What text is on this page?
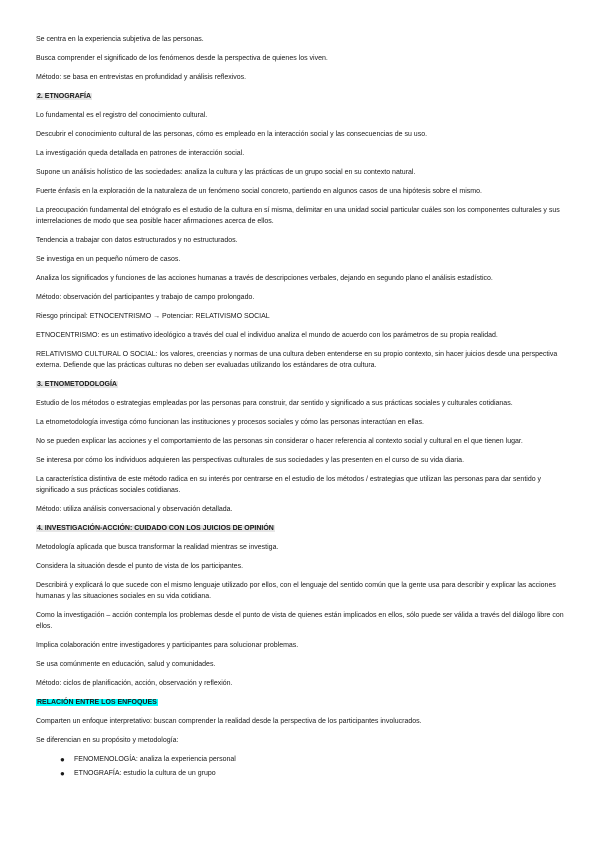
Se centra en la experiencia subjetiva de las personas.

Busca comprender el significado de los fenómenos desde la perspectiva de quienes los viven.

Método: se basa en entrevistas en profundidad y análisis reflexivos.

2. ETNOGRAFÍA

Lo fundamental es el registro del conocimiento cultural.

Descubrir el conocimiento cultural de las personas, cómo es empleado en la interacción social y las consecuencias de su uso.

La investigación queda detallada en patrones de interacción social.

Supone un análisis holístico de las sociedades: analiza la cultura y las prácticas de un grupo social en su contexto natural.

Fuerte énfasis en la exploración de la naturaleza de un fenómeno social concreto, partiendo en algunos casos de una hipótesis sobre el mismo.

La preocupación fundamental del etnógrafo es el estudio de la cultura en sí misma, delimitar en una unidad social particular cuáles son los componentes culturales y sus interrelaciones de modo que sea posible hacer afirmaciones acerca de ellos.

Tendencia a trabajar con datos estructurados y no estructurados.

Se investiga en un pequeño número de casos.

Analiza los significados y funciones de las acciones humanas a través de descripciones verbales, dejando en segundo plano el análisis estadístico.

Método: observación del participantes y trabajo de campo prolongado.

Riesgo principal: ETNOCENTRISMO → Potenciar: RELATIVISMO SOCIAL

ETNOCENTRISMO: es un estimativo ideológico a través del cual el individuo analiza el mundo de acuerdo con los parámetros de su propia realidad.

RELATIVISMO CULTURAL O SOCIAL: los valores, creencias y normas de una cultura deben entenderse en su propio contexto, sin hacer juicios desde una perspectiva externa. Defiende que las prácticas culturas no deben ser evaluadas utilizando los estándares de otra cultura.

3. ETNOMETODOLOGÍA

Estudio de los métodos o estrategias empleadas por las personas para construir, dar sentido y significado a sus prácticas sociales y culturales cotidianas.

La etnometodología investiga cómo funcionan las instituciones y procesos sociales y cómo las personas interactúan en ellas.

No se pueden explicar las acciones y el comportamiento de las personas sin considerar o hacer referencia al contexto social y cultural en el que tienen lugar.

Se interesa por cómo los individuos adquieren las perspectivas culturales de sus sociedades y las presenten en el curso de su vida diaria.

La característica distintiva de este método radica en su interés por centrarse en el estudio de los métodos / estrategias que utilizan las personas para dar sentido y significado a sus prácticas sociales cotidianas.

Método: utiliza análisis conversacional y observación detallada.

4. INVESTIGACIÓN-ACCIÓN: CUIDADO CON LOS JUICIOS DE OPINIÓN

Metodología aplicada que busca transformar la realidad mientras se investiga.

Considera la situación desde el punto de vista de los participantes.

Describirá y explicará lo que sucede con el mismo lenguaje utilizado por ellos, con el lenguaje del sentido común que la gente usa para describir y explicar las acciones humanas y las situaciones sociales en su vida cotidiana.

Como la investigación – acción contempla los problemas desde el punto de vista de quienes están implicados en ellos, sólo puede ser válida a través del diálogo libre con ellos.

Implica colaboración entre investigadores y participantes para solucionar problemas.

Se usa comúnmente en educación, salud y comunidades.

Método: ciclos de planificación, acción, observación y reflexión.

RELACIÓN ENTRE LOS ENFOQUES

Comparten un enfoque interpretativo: buscan comprender la realidad desde la perspectiva de los participantes involucrados.

Se diferencian en su propósito y metodología:

● FENOMENOLOGÍA: analiza la experiencia personal
● ETNOGRAFÍA: estudio la cultura de un grupo
